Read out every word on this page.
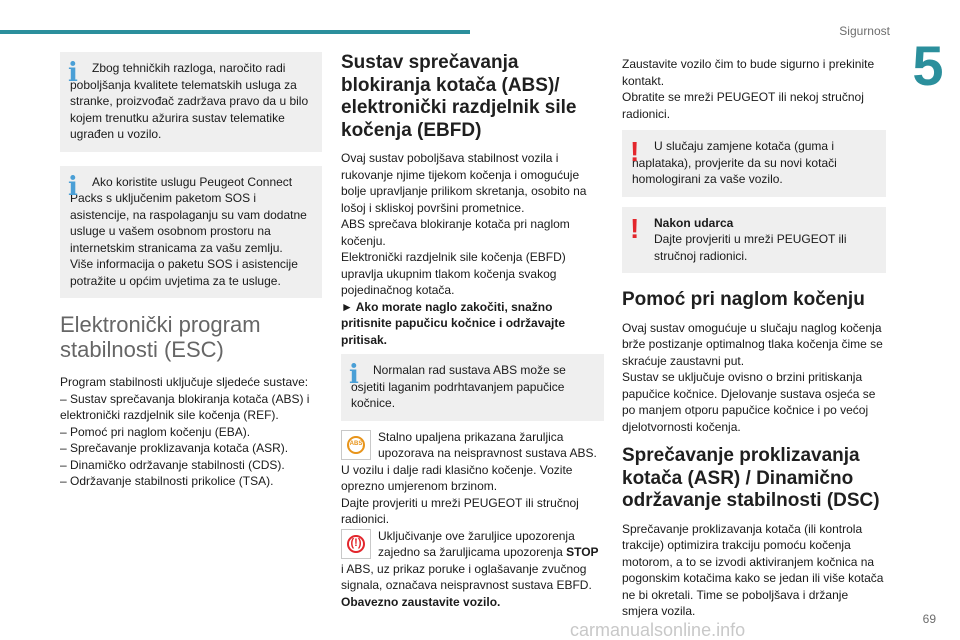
Sigurnost
5
i	Zbog tehničkih razloga, naročito radi poboljšanja kvalitete telematskih usluga za stranke, proizvođač zadržava pravo da u bilo kojem trenutku ažurira sustav telematike ugrađen u vozilo.

i	Ako koristite uslugu Peugeot Connect Packs s uključenim paketom SOS i asistencije, na raspolaganju su vam dodatne usluge u vašem osobnom prostoru na internetskim stranicama za vašu zemlju.
Više informacija o paketu SOS i asistencije potražite u općim uvjetima za te usluge.

Elektronički program stabilnosti (ESC)
Program stabilnosti uključuje sljedeće sustave:
– Sustav sprečavanja blokiranja kotača (ABS) i elektronički razdjelnik sile kočenja (REF).
– Pomoć pri naglom kočenju (EBA).
– Sprečavanje proklizavanja kotača (ASR).
– Dinamičko održavanje stabilnosti (CDS).
– Održavanje stabilnosti prikolice (TSA).
Sustav sprečavanja blokiranja kotača (ABS)/ elektronički razdjelnik sile kočenja (EBFD)
Ovaj sustav poboljšava stabilnost vozila i rukovanje njime tijekom kočenja i omogućuje bolje upravljanje prilikom skretanja, osobito na lošoj i skliskoj površini prometnice.
ABS sprečava blokiranje kotača pri naglom kočenju.
Elektronički razdjelnik sile kočenja (EBFD) upravlja ukupnim tlakom kočenja svakog pojedinačnog kotača.
► Ako morate naglo zakočiti, snažno pritisnite papučicu kočnice i održavajte pritisak.
i	Normalan rad sustava ABS može se osjetiti laganim podrhtavanjem papučice kočnice.

(ABS)
Stalno upaljena prikazana žaruljica upozorava na neispravnost sustava ABS.
U vozilu i dalje radi klasično kočenje. Vozite oprezno umjerenom brzinom.
Dajte provjeriti u mreži PEUGEOT ili stručnoj radionici.
(!)
Uključivanje ove žaruljice upozorenja zajedno sa žaruljicama upozorenja STOP i ABS, uz prikaz poruke i oglašavanje zvučnog signala, označava neispravnost sustava EBFD.
Obavezno zaustavite vozilo.
Zaustavite vozilo čim to bude sigurno i prekinite kontakt.
Obratite se mreži PEUGEOT ili nekoj stručnoj radionici.
!	U slučaju zamjene kotača (guma i naplataka), provjerite da su novi kotači homologirani za vaše vozilo.

!	Nakon udarca

Dajte provjeriti u mreži PEUGEOT ili stručnoj radionici.

Pomoć pri naglom kočenju
Ovaj sustav omogućuje u slučaju naglog kočenja brže postizanje optimalnog tlaka kočenja čime se skraćuje zaustavni put.
Sustav se uključuje ovisno o brzini pritiskanja papučice kočnice. Djelovanje sustava osjeća se po manjem otporu papučice kočnice i po većoj djelotvornosti kočenja.
Sprečavanje proklizavanja kotača (ASR) / Dinamično održavanje stabilnosti (DSC)
Sprečavanje proklizavanja kotača (ili kontrola trakcije) optimizira trakciju pomoću kočenja motorom, a to se izvodi aktiviranjem kočnica na pogonskim kotačima kako se jedan ili više kotača ne bi okretali. Time se poboljšava i držanje smjera vozila.
69
carmanualsonline.info
